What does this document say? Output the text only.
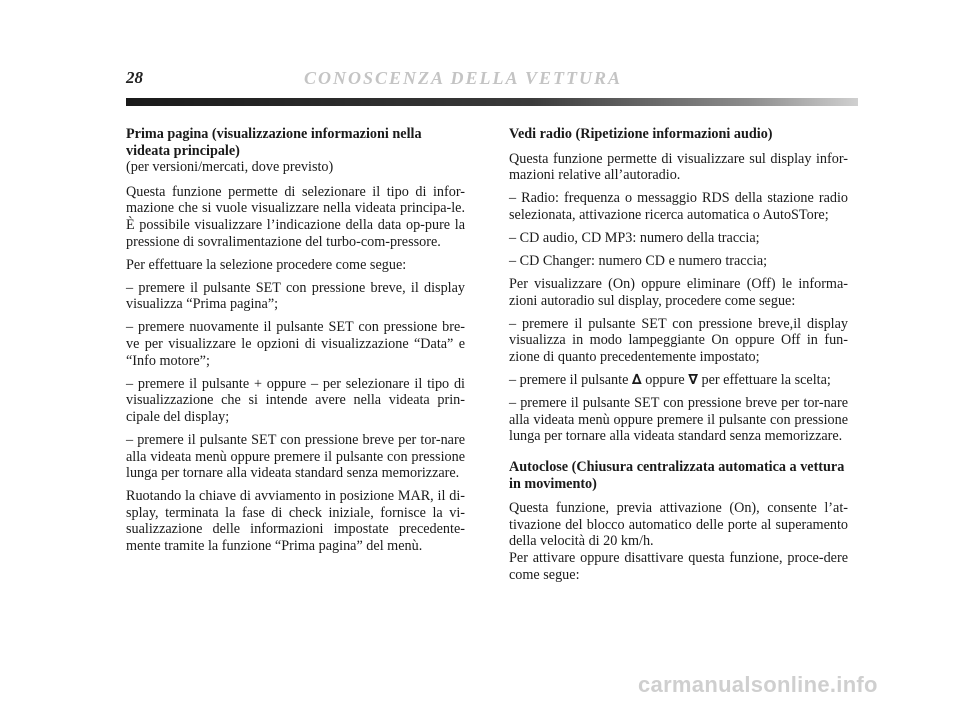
28	CONOSCENZA DELLA VETTURA
Prima pagina (visualizzazione informazioni nella videata principale)

(per versioni/mercati, dove previsto)

Questa funzione permette di selezionare il tipo di infor-mazione che si vuole visualizzare nella videata principa-le. È possibile visualizzare l’indicazione della data op-pure la pressione di sovralimentazione del turbo-com-pressore.

Per effettuare la selezione procedere come segue:

– premere il pulsante SET con pressione breve, il display visualizza “Prima pagina”;

– premere nuovamente il pulsante SET con pressione bre-ve per visualizzare le opzioni di visualizzazione “Data” e “Info motore”;

– premere il pulsante + oppure – per selezionare il tipo di visualizzazione che si intende avere nella videata prin-cipale del display;

– premere il pulsante SET con pressione breve per tor-nare alla videata menù oppure premere il pulsante con pressione lunga per tornare alla videata standard senza memorizzare.

Ruotando la chiave di avviamento in posizione MAR, il di-splay, terminata la fase di check iniziale, fornisce la vi-sualizzazione delle informazioni impostate precedente-mente tramite la funzione “Prima pagina” del menù.

Vedi radio (Ripetizione informazioni audio)

Questa funzione permette di visualizzare sul display infor-mazioni relative all’autoradio.

– Radio: frequenza o messaggio RDS della stazione radio selezionata, attivazione ricerca automatica o AutoSTore;

– CD audio, CD MP3: numero della traccia;

– CD Changer: numero CD e numero traccia;

Per visualizzare (On) oppure eliminare (Off) le informa-zioni autoradio sul display, procedere come segue:

– premere il pulsante SET con pressione breve,il display visualizza in modo lampeggiante On oppure Off in fun-zione di quanto precedentemente impostato;

– premere il pulsante ∆ oppure ∇ per effettuare la scelta;

– premere il pulsante SET con pressione breve per tor-nare alla videata menù oppure premere il pulsante con pressione lunga per tornare alla videata standard senza memorizzare.

Autoclose (Chiusura centralizzata automatica a vettura in movimento)

Questa funzione, previa attivazione (On), consente l’at-tivazione del blocco automatico delle porte al superamento della velocità di 20 km/h.

Per attivare oppure disattivare questa funzione, proce-dere come segue:

carmanualsonline.info
